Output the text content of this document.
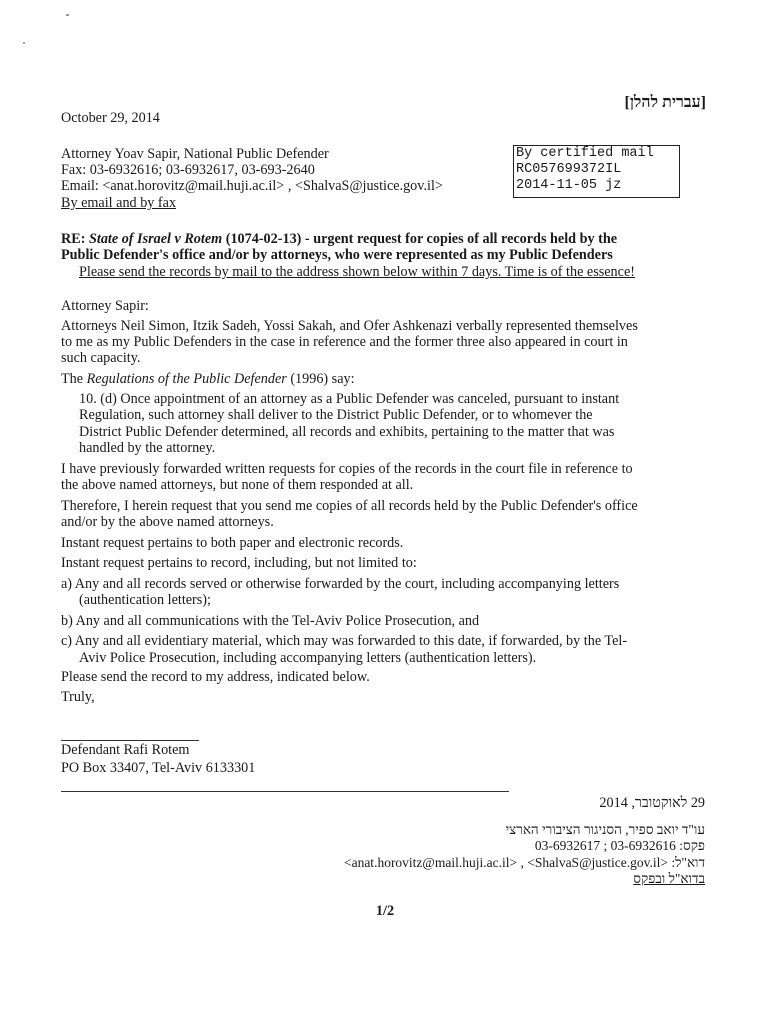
[עברית להלן]
October 29, 2014
Attorney Yoav Sapir, National Public Defender
Fax: 03-6932616; 03-6932617, 03-693-2640
Email: <anat.horovitz@mail.huji.ac.il> , <ShalvaS@justice.gov.il>
By email and by fax
By certified mail
RC057699372IL
2014-11-05 jz
RE: State of Israel v Rotem (1074-02-13) - urgent request for copies of all records held by the
Public Defender's office and/or by attorneys, who were represented as my Public Defenders
Please send the records by mail to the address shown below within 7 days. Time is of the essence!
Attorney Sapir:
Attorneys Neil Simon, Itzik Sadeh, Yossi Sakah, and Ofer Ashkenazi verbally represented themselves
to me as my Public Defenders in the case in reference and the former three also appeared in court in
such capacity.
The Regulations of the Public Defender (1996) say:
10. (d) Once appointment of an attorney as a Public Defender was canceled, pursuant to instant
Regulation, such attorney shall deliver to the District Public Defender, or to whomever the
District Public Defender determined, all records and exhibits, pertaining to the matter that was
handled by the attorney.
I have previously forwarded written requests for copies of the records in the court file in reference to
the above named attorneys, but none of them responded at all.
Therefore, I herein request that you send me copies of all records held by the Public Defender's office
and/or by the above named attorneys.
Instant request pertains to both paper and electronic records.
Instant request pertains to record, including, but not limited to:
a) Any and all records served or otherwise forwarded by the court, including accompanying letters
(authentication letters);
b) Any and all communications with the Tel-Aviv Police Prosecution, and
c) Any and all evidentiary material, which may was forwarded to this date, if forwarded, by the Tel-
Aviv Police Prosecution, including accompanying letters (authentication letters).
Please send the record to my address, indicated below.
Truly,
Defendant Rafi Rotem
PO Box 33407, Tel-Aviv 6133301
29 לאוקטובר, 2014
עו"ד יואב ספיר, הסניגור הציבורי הארצי
פקס: 03-6932616 ; 03-6932617
דוא"ל: <anat.horovitz@mail.huji.ac.il> , <ShalvaS@justice.gov.il>
בדוא"ל ובפקס
1/2
